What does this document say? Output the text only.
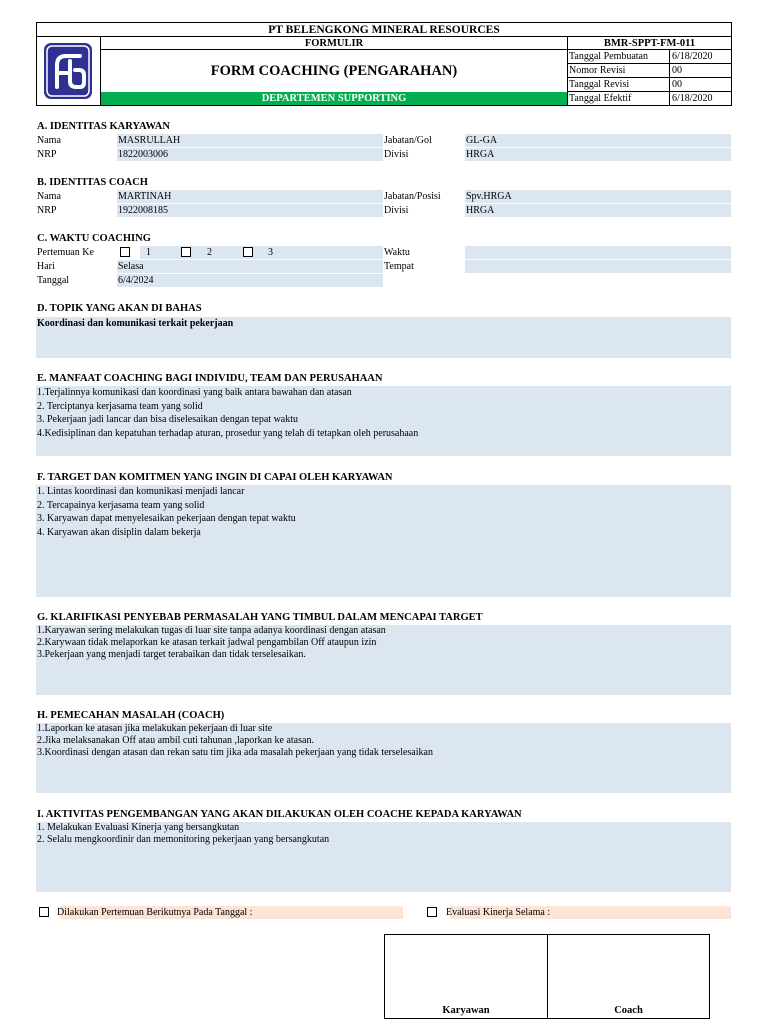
PT BELENGKONG MINERAL RESOURCES
FORMULIR
FORM COACHING (PENGARAHAN)
DEPARTEMEN SUPPORTING
BMR-SPPT-FM-011
Tanggal Pembuatan	6/18/2020
Nomor Revisi	00
Tanggal Revisi	00
Tanggal Efektif	6/18/2020
A. IDENTITAS KARYAWAN
Nama	MASRULLAH
NRP	1822003006
Jabatan/Gol	GL-GA
Divisi	HRGA
B. IDENTITAS COACH
Nama	MARTINAH
NRP	1922008185
Jabatan/Posisi	Spv.HRGA
Divisi	HRGA
C. WAKTU COACHING
Pertemuan Ke	1	2	3
Hari	Selasa
Tanggal	6/4/2024
Waktu
Tempat
D. TOPIK YANG AKAN DI BAHAS
Koordinasi dan komunikasi terkait pekerjaan
E. MANFAAT COACHING BAGI INDIVIDU, TEAM DAN PERUSAHAAN
1.Terjalinnya komunikasi dan koordinasi yang baik antara bawahan dan atasan
2. Terciptanya kerjasama team yang solid
3. Pekerjaan jadi lancar dan bisa diselesaikan dengan tepat waktu
4.Kedisiplinan dan kepatuhan terhadap aturan, prosedur yang telah di tetapkan oleh perusahaan
F. TARGET DAN KOMITMEN YANG INGIN DI CAPAI OLEH KARYAWAN
1. Lintas koordinasi dan komunikasi menjadi lancar
2. Tercapainya kerjasama team yang solid
3. Karyawan dapat menyelesaikan pekerjaan dengan tepat waktu
4. Karyawan akan disiplin dalam bekerja
G. KLARIFIKASI PENYEBAB PERMASALAH YANG TIMBUL DALAM MENCAPAI TARGET
1.Karyawan sering melakukan tugas di luar site tanpa adanya koordinasi dengan atasan
2.Karywaan tidak melaporkan ke atasan terkait jadwal pengambilan Off ataupun izin
3.Pekerjaan yang menjadi target terabaikan dan tidak terselesaikan.
H. PEMECAHAN MASALAH (COACH)
1.Laporkan ke atasan jika melakukan pekerjaan di luar site
2.Jika melaksanakan Off atau ambil cuti tahunan ,laporkan ke atasan.
3.Koordinasi dengan atasan dan rekan satu tim jika ada masalah pekerjaan yang tidak terselesaikan
I. AKTIVITAS PENGEMBANGAN YANG AKAN DILAKUKAN OLEH COACHE KEPADA KARYAWAN
1. Melakukan Evaluasi Kinerja yang bersangkutan
2. Selalu mengkoordinir dan memonitoring pekerjaan yang bersangkutan
Dilakukan Pertemuan Berikutnya Pada Tanggal :	Evaluasi Kinerja Selama :
Karyawan	Coach
